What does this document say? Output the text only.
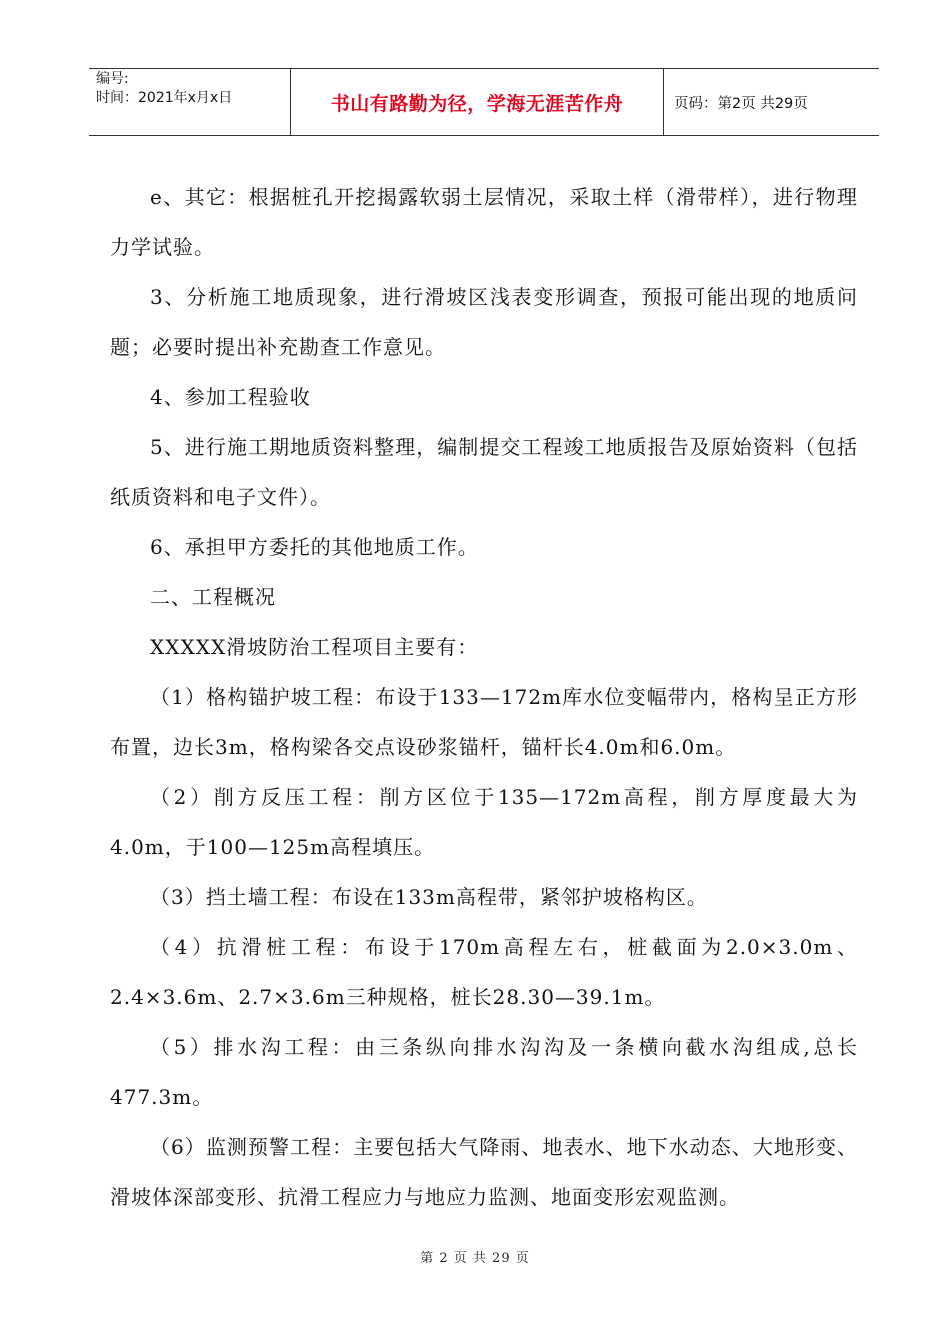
编号:
时间：2021年x月x日	书山有路勤为径，学海无涯苦作舟	页码：第2页 共29页

e、其它：根据桩孔开挖揭露软弱土层情况，采取土样（滑带样），进行物理力学试验。

3、分析施工地质现象，进行滑坡区浅表变形调查，预报可能出现的地质问题；必要时提出补充勘查工作意见。

4、参加工程验收

5、进行施工期地质资料整理，编制提交工程竣工地质报告及原始资料（包括纸质资料和电子文件）。

6、承担甲方委托的其他地质工作。

二、工程概况

XXXXX滑坡防治工程项目主要有：

（1）格构锚护坡工程：布设于133—172m库水位变幅带内，格构呈正方形布置，边长3m，格构梁各交点设砂浆锚杆，锚杆长4.0m和6.0m。

（2）削方反压工程：削方区位于135—172m高程，削方厚度最大为4.0m，于100—125m高程填压。

（3）挡土墙工程：布设在133m高程带，紧邻护坡格构区。

（4）抗滑桩工程：布设于170m高程左右，桩截面为2.0×3.0m、2.4×3.6m、2.7×3.6m三种规格，桩长28.30—39.1m。

（5）排水沟工程：由三条纵向排水沟沟及一条横向截水沟组成,总长477.3m。

（6）监测预警工程：主要包括大气降雨、地表水、地下水动态、大地形变、滑坡体深部变形、抗滑工程应力与地应力监测、地面变形宏观监测。

第 2 页 共 29 页
